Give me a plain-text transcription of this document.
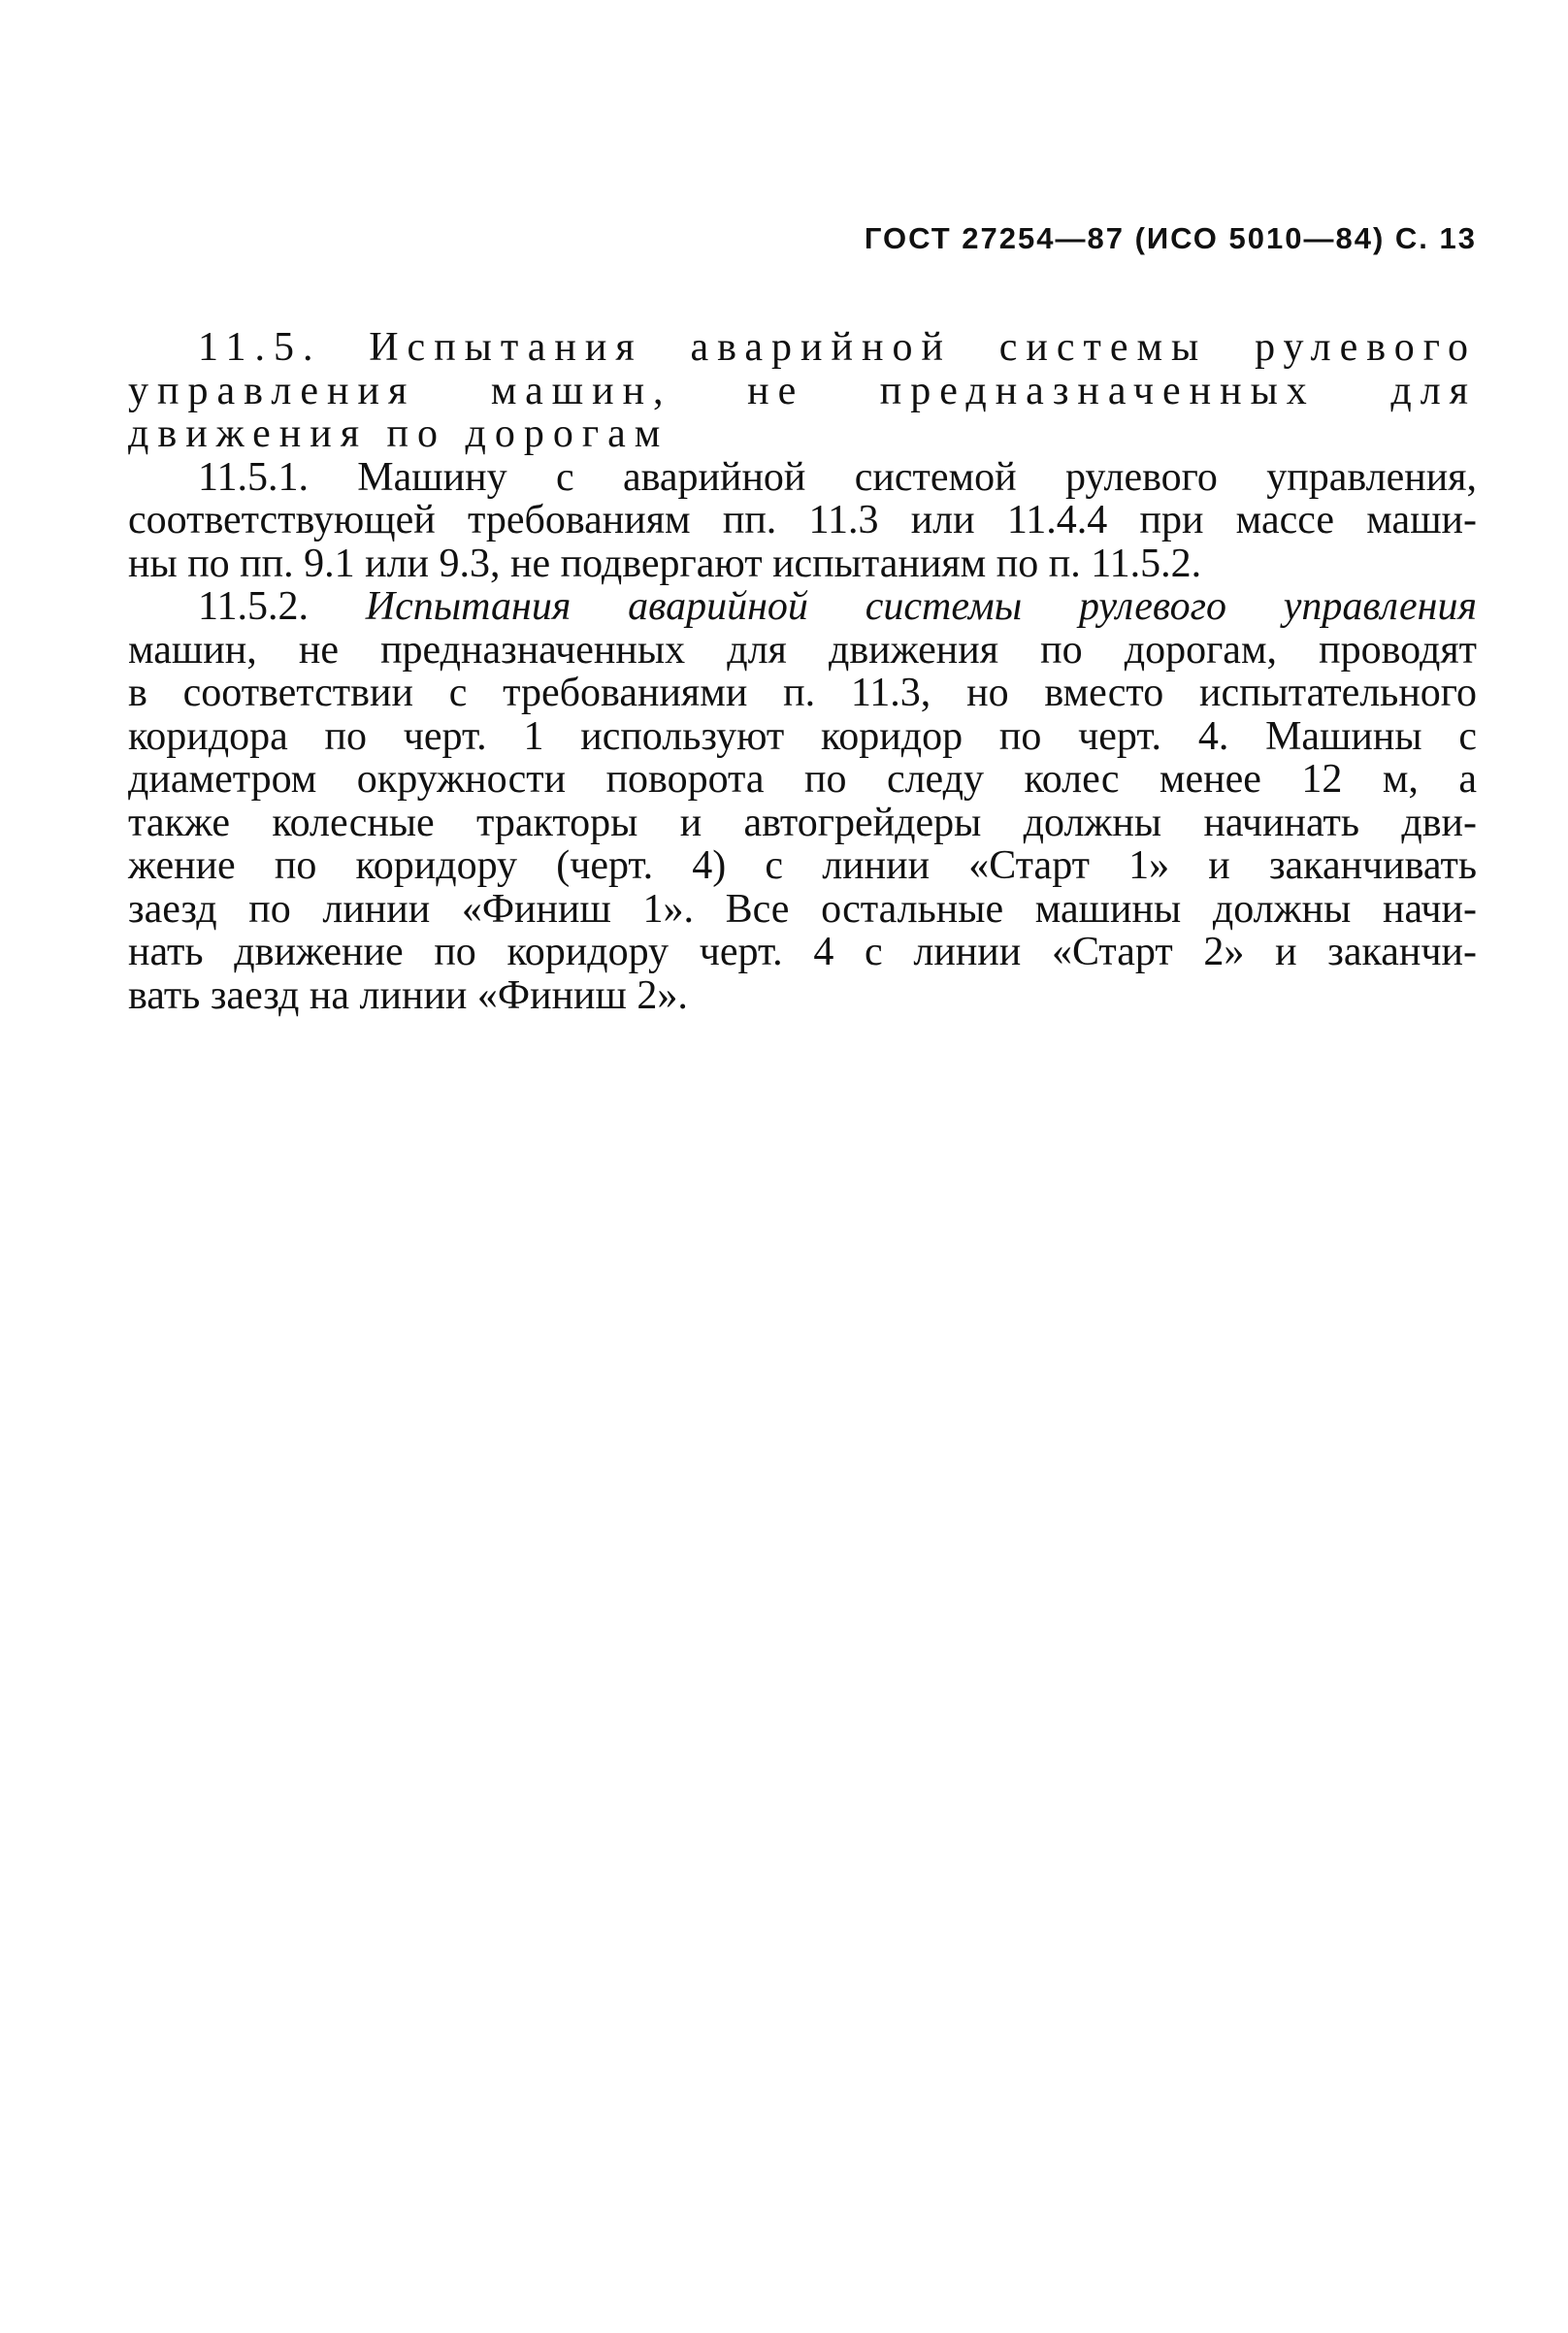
ГОСТ 27254—87 (ИСО 5010—84) С. 13
11.5. Испытания аварийной системы рулевого
управления машин, не предназначенных для
движения по дорогам
11.5.1. Машину с аварийной системой рулевого управления,
соответствующей требованиям пп. 11.3 или 11.4.4 при массе маши-
ны по пп. 9.1 или 9.3, не подвергают испытаниям по п. 11.5.2.
11.5.2. Испытания аварийной системы рулевого управления
машин, не предназначенных для движения по дорогам, проводят
в соответствии с требованиями п. 11.3, но вместо испытательного
коридора по черт. 1 используют коридор по черт. 4. Машины с
диаметром окружности поворота по следу колес менее 12 м, а
также колесные тракторы и автогрейдеры должны начинать дви-
жение по коридору (черт. 4) с линии «Старт 1» и заканчивать
заезд по линии «Финиш 1». Все остальные машины должны начи-
нать движение по коридору черт. 4 с линии «Старт 2» и заканчи-
вать заезд на линии «Финиш 2».
